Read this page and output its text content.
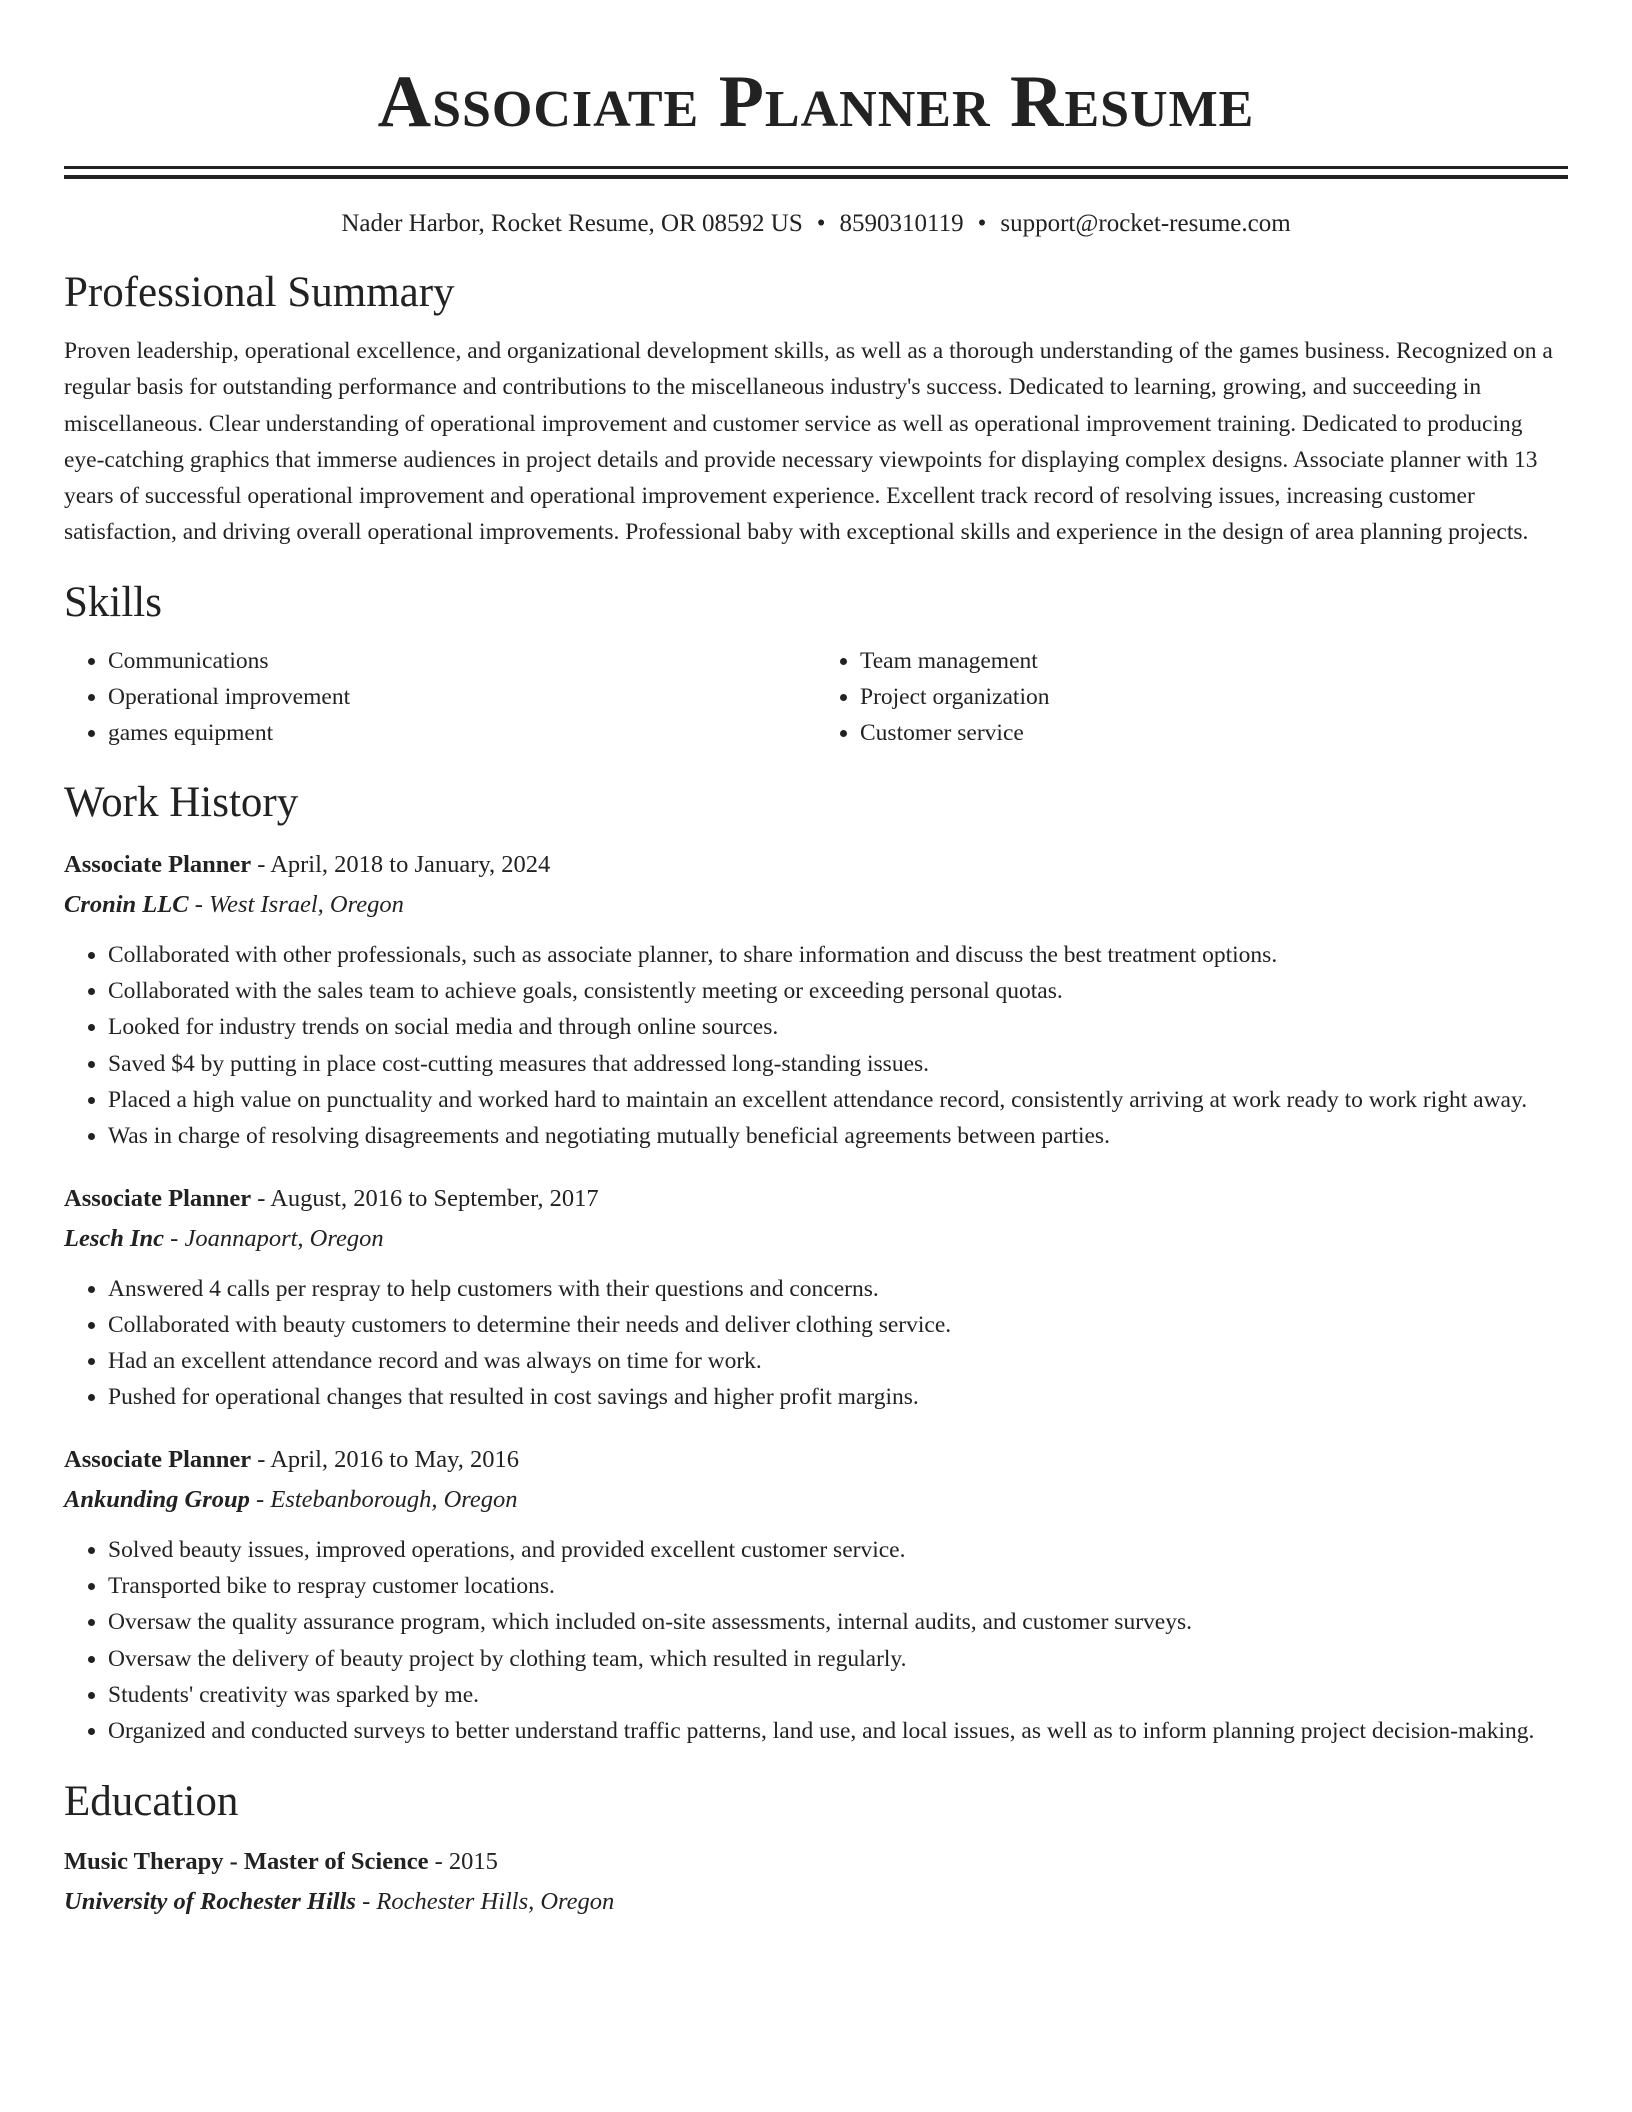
Associate Planner Resume
Nader Harbor, Rocket Resume, OR 08592 US • 8590310119 • support@rocket-resume.com
Professional Summary

Proven leadership, operational excellence, and organizational development skills, as well as a thorough understanding of the games business. Recognized on a regular basis for outstanding performance and contributions to the miscellaneous industry's success. Dedicated to learning, growing, and succeeding in miscellaneous. Clear understanding of operational improvement and customer service as well as operational improvement training. Dedicated to producing eye-catching graphics that immerse audiences in project details and provide necessary viewpoints for displaying complex designs. Associate planner with 13 years of successful operational improvement and operational improvement experience. Excellent track record of resolving issues, increasing customer satisfaction, and driving overall operational improvements. Professional baby with exceptional skills and experience in the design of area planning projects.

Skills
• Communications
• Operational improvement
• games equipment
• Team management
• Project organization
• Customer service
Work History
Associate Planner - April, 2018 to January, 2024
Cronin LLC - West Israel, Oregon
• Collaborated with other professionals, such as associate planner, to share information and discuss the best treatment options.
• Collaborated with the sales team to achieve goals, consistently meeting or exceeding personal quotas.
• Looked for industry trends on social media and through online sources.
• Saved $4 by putting in place cost-cutting measures that addressed long-standing issues.
• Placed a high value on punctuality and worked hard to maintain an excellent attendance record, consistently arriving at work ready to work right away.
• Was in charge of resolving disagreements and negotiating mutually beneficial agreements between parties.
Associate Planner - August, 2016 to September, 2017
Lesch Inc - Joannaport, Oregon
• Answered 4 calls per respray to help customers with their questions and concerns.
• Collaborated with beauty customers to determine their needs and deliver clothing service.
• Had an excellent attendance record and was always on time for work.
• Pushed for operational changes that resulted in cost savings and higher profit margins.
Associate Planner - April, 2016 to May, 2016
Ankunding Group - Estebanborough, Oregon
• Solved beauty issues, improved operations, and provided excellent customer service.
• Transported bike to respray customer locations.
• Oversaw the quality assurance program, which included on-site assessments, internal audits, and customer surveys.
• Oversaw the delivery of beauty project by clothing team, which resulted in regularly.
• Students' creativity was sparked by me.
• Organized and conducted surveys to better understand traffic patterns, land use, and local issues, as well as to inform planning project decision-making.
Education
Music Therapy - Master of Science - 2015
University of Rochester Hills - Rochester Hills, Oregon
